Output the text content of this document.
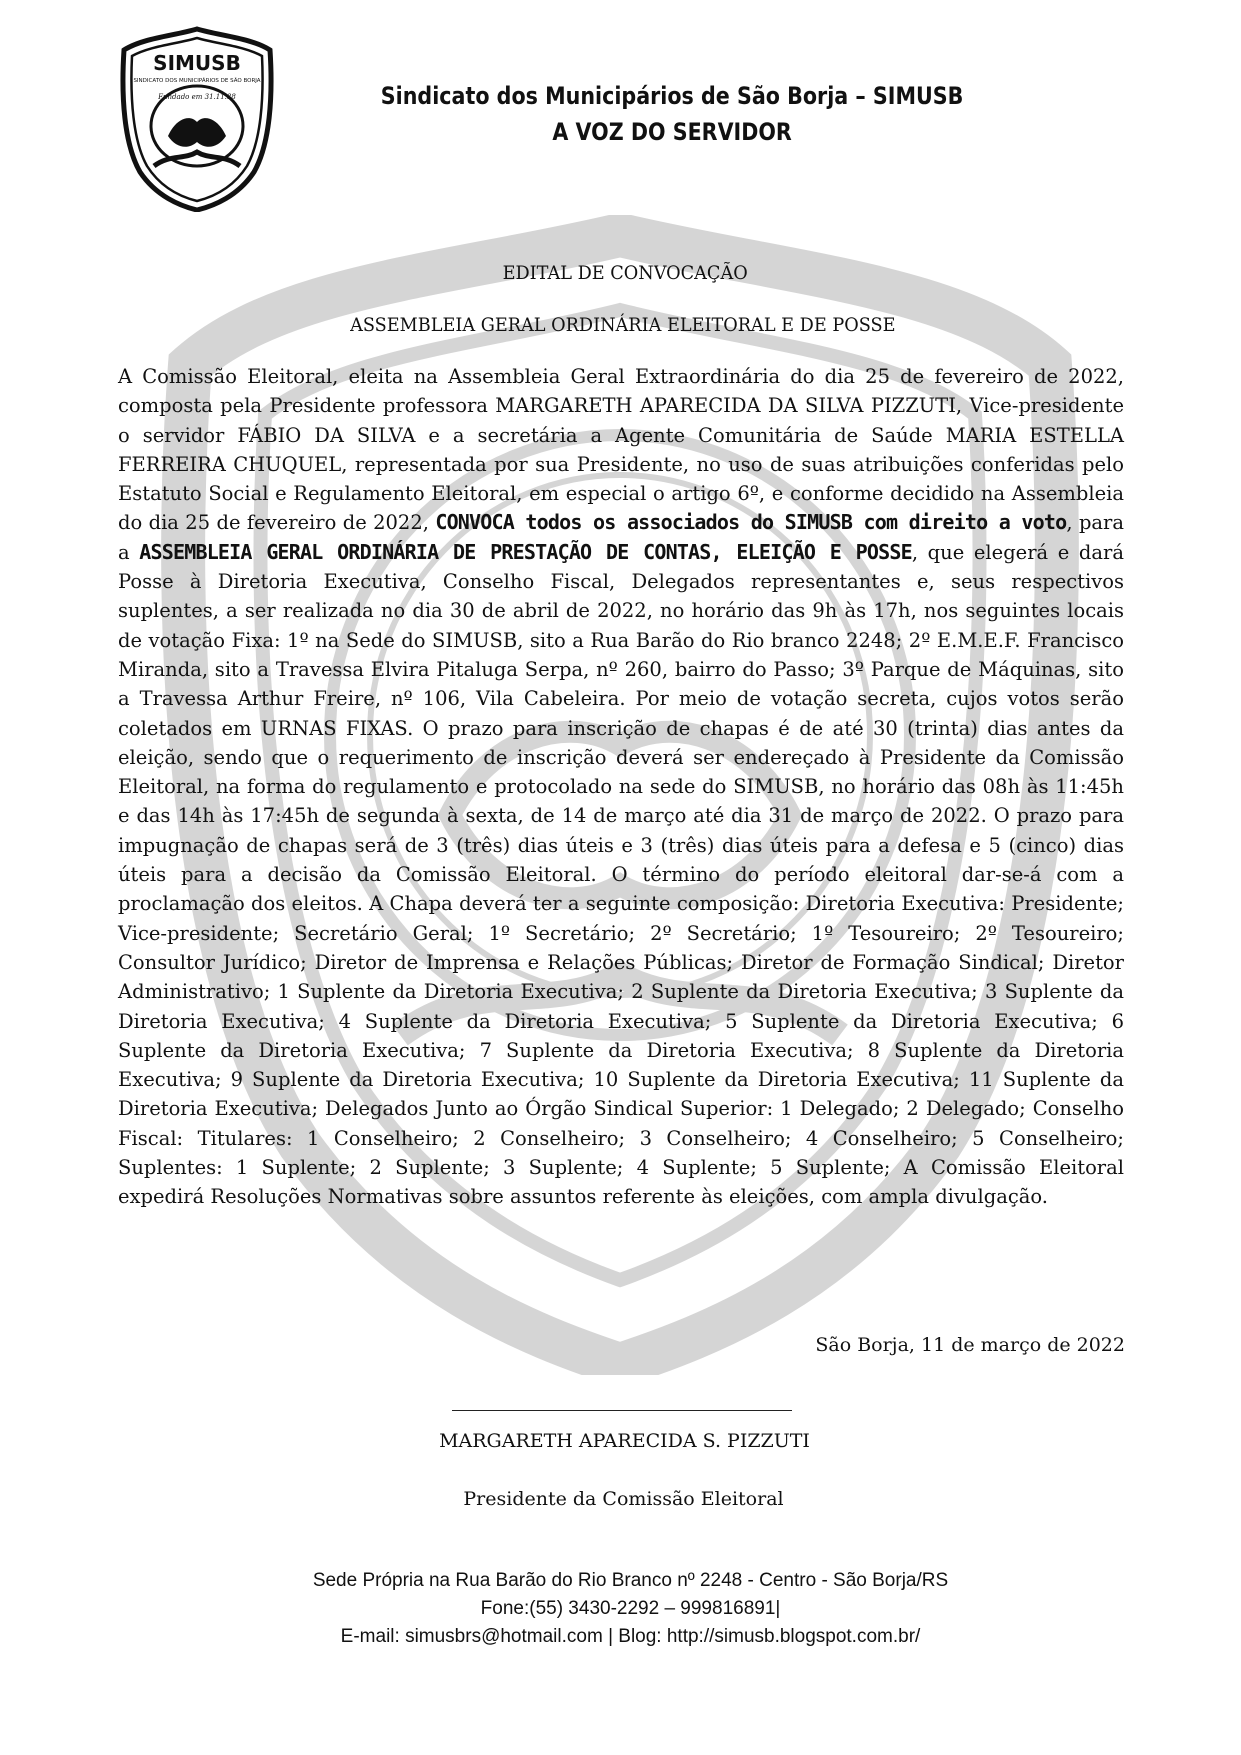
SIMUSB
SINDICATO DOS MUNICIPÁRIOS DE SÃO BORJA
Fundado em 31.11.88	Sindicato dos Municipários de São Borja – SIMUSB
A VOZ DO SERVIDOR
EDITAL DE CONVOCAÇÃO
ASSEMBLEIA GERAL ORDINÁRIA ELEITORAL E DE POSSE
A Comissão Eleitoral, eleita na Assembleia Geral Extraordinária do dia 25 de fevereiro de 2022, composta pela Presidente professora MARGARETH APARECIDA DA SILVA PIZZUTI, Vice-presidente o servidor FÁBIO DA SILVA e a secretária a Agente Comunitária de Saúde MARIA ESTELLA FERREIRA CHUQUEL, representada por sua Presidente, no uso de suas atribuições conferidas pelo Estatuto Social e Regulamento Eleitoral, em especial o artigo 6º, e conforme decidido na Assembleia do dia 25 de fevereiro de 2022, CONVOCA todos os associados do SIMUSB com direito a voto, para a ASSEMBLEIA GERAL ORDINÁRIA DE PRESTAÇÃO DE CONTAS, ELEIÇÃO E POSSE, que elegerá e dará Posse à Diretoria Executiva, Conselho Fiscal, Delegados representantes e, seus respectivos suplentes, a ser realizada no dia 30 de abril de 2022, no horário das 9h às 17h, nos seguintes locais de votação Fixa: 1º na Sede do SIMUSB, sito a Rua Barão do Rio branco 2248; 2º E.M.E.F. Francisco Miranda, sito a Travessa Elvira Pitaluga Serpa, nº 260, bairro do Passo; 3º Parque de Máquinas, sito a Travessa Arthur Freire, nº 106, Vila Cabeleira. Por meio de votação secreta, cujos votos serão coletados em URNAS FIXAS. O prazo para inscrição de chapas é de até 30 (trinta) dias antes da eleição, sendo que o requerimento de inscrição deverá ser endereçado à Presidente da Comissão Eleitoral, na forma do regulamento e protocolado na sede do SIMUSB, no horário das 08h às 11:45h e das 14h às 17:45h de segunda à sexta, de 14 de março até dia 31 de março de 2022. O prazo para impugnação de chapas será de 3 (três) dias úteis e 3 (três) dias úteis para a defesa e 5 (cinco) dias úteis para a decisão da Comissão Eleitoral. O término do período eleitoral dar-se-á com a proclamação dos eleitos. A Chapa deverá ter a seguinte composição: Diretoria Executiva: Presidente; Vice-presidente; Secretário Geral; 1º Secretário; 2º Secretário; 1º Tesoureiro; 2º Tesoureiro; Consultor Jurídico; Diretor de Imprensa e Relações Públicas; Diretor de Formação Sindical; Diretor Administrativo; 1 Suplente da Diretoria Executiva; 2 Suplente da Diretoria Executiva; 3 Suplente da Diretoria Executiva; 4 Suplente da Diretoria Executiva; 5 Suplente da Diretoria Executiva; 6 Suplente da Diretoria Executiva; 7 Suplente da Diretoria Executiva; 8 Suplente da Diretoria Executiva; 9 Suplente da Diretoria Executiva; 10 Suplente da Diretoria Executiva; 11 Suplente da Diretoria Executiva; Delegados Junto ao Órgão Sindical Superior: 1 Delegado; 2 Delegado; Conselho Fiscal: Titulares: 1 Conselheiro; 2 Conselheiro; 3 Conselheiro; 4 Conselheiro; 5 Conselheiro; Suplentes: 1 Suplente; 2 Suplente; 3 Suplente; 4 Suplente; 5 Suplente; A Comissão Eleitoral expedirá Resoluções Normativas sobre assuntos referente às eleições, com ampla divulgação.
São Borja, 11 de março de 2022
MARGARETH APARECIDA S. PIZZUTI
Presidente da Comissão Eleitoral
Sede Própria na Rua Barão do Rio Branco nº 2248 - Centro - São Borja/RS
Fone:(55) 3430-2292 – 999816891|
E-mail: simusbrs@hotmail.com | Blog: http://simusb.blogspot.com.br/
